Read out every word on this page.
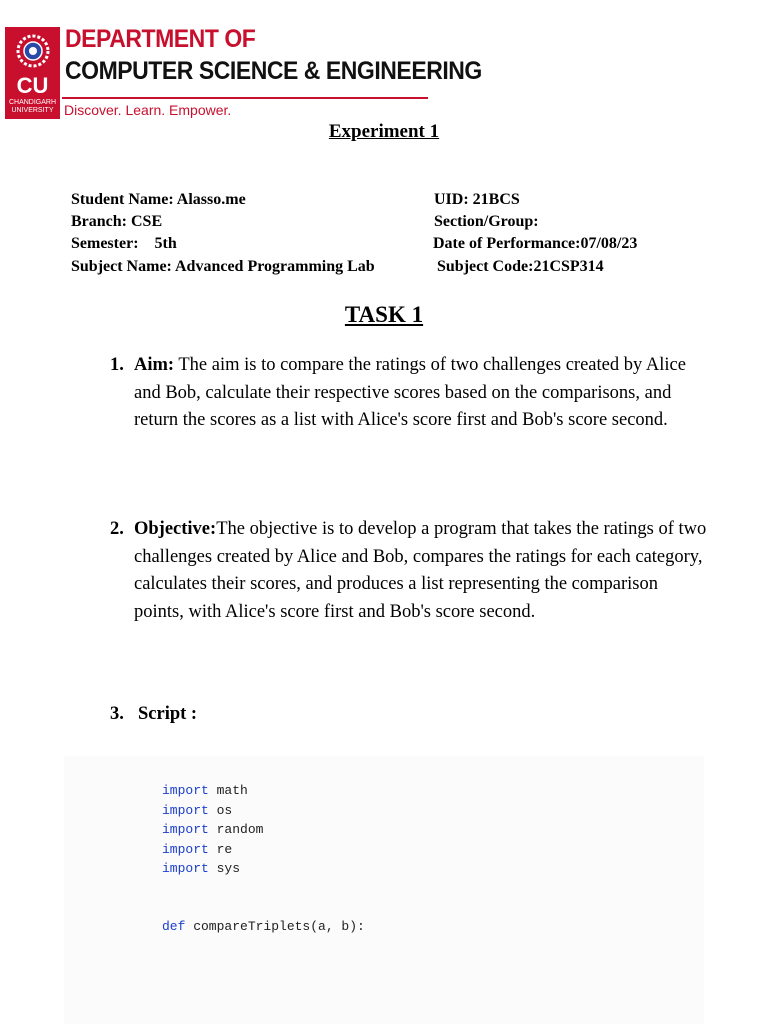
CU
CHANDIGARH
UNIVERSITY
DEPARTMENT OF
COMPUTER SCIENCE & ENGINEERING
Discover. Learn. Empower.
Experiment 1
Student Name: Alasso.me	UID: 21BCS
Branch: CSE	Section/Group:
Semester:    5th	Date of Performance:07/08/23
Subject Name: Advanced Programming Lab	Subject Code:21CSP314
TASK 1
1. Aim: The aim is to compare the ratings of two challenges created by Alice and Bob, calculate their respective scores based on the comparisons, and return the scores as a list with Alice's score first and Bob's score second.
2. Objective:The objective is to develop a program that takes the ratings of two challenges created by Alice and Bob, compares the ratings for each category, calculates their scores, and produces a list representing the comparison points, with Alice's score first and Bob's score second.
3. Script :
import math
import os
import random
import re
import sys
def compareTriplets(a, b):
